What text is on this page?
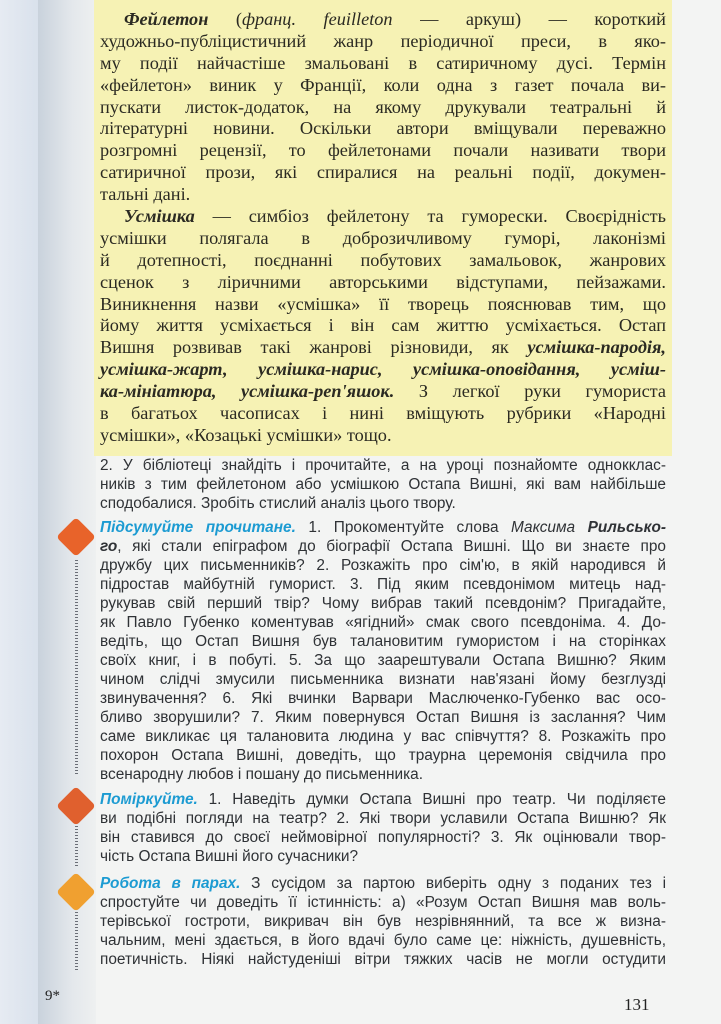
Фейлетон (франц. feuilleton — аркуш) — короткий
художньо-публіцистичний жанр періодичної преси, в яко-
му події найчастіше змальовані в сатиричному дусі. Термін
«фейлетон» виник у Франції, коли одна з газет почала ви-
пускати листок-додаток, на якому друкували театральні й
літературні новини. Оскільки автори вміщували переважно
розгромні рецензії, то фейлетонами почали називати твори
сатиричної прози, які спиралися на реальні події, докумен-
тальні дані.
Усмішка — симбіоз фейлетону та гуморески. Своєрідність
усмішки полягала в доброзичливому гуморі, лаконізмі
й дотепності, поєднанні побутових замальовок, жанрових
сценок з ліричними авторськими відступами, пейзажами.
Виникнення назви «усмішка» її творець пояснював тим, що
йому життя усміхається і він сам життю усміхається. Остап
Вишня розвивав такі жанрові різновиди, як усмішка-пародія,
усмішка-жарт, усмішка-нарис, усмішка-оповідання, усміш-
ка-мініатюра, усмішка-реп'яшок. З легкої руки гумориста
в багатьох часописах і нині вміщують рубрики «Народні
усмішки», «Козацькі усмішки» тощо.
2. У бібліотеці знайдіть і прочитайте, а на уроці познайомте однокклас-
ників з тим фейлетоном або усмішкою Остапа Вишні, які вам найбільше
сподобалися. Зробіть стислий аналіз цього твору.
Підсумуйте прочитане. 1. Прокоментуйте слова Максима Рильсько-
го, які стали епіграфом до біографії Остапа Вишні. Що ви знаєте про
дружбу цих письменників? 2. Розкажіть про сім'ю, в якій народився й
підростав майбутній гуморист. 3. Під яким псевдонімом митець над-
рукував свій перший твір? Чому вибрав такий псевдонім? Пригадайте,
як Павло Губенко коментував «ягідний» смак свого псевдоніма. 4. До-
ведіть, що Остап Вишня був талановитим гумористом і на сторінках
своїх книг, і в побуті. 5. За що заарештували Остапа Вишню? Яким
чином слідчі змусили письменника визнати нав'язані йому безглузді
звинувачення? 6. Які вчинки Варвари Маслюченко-Губенко вас осо-
бливо зворушили? 7. Яким повернувся Остап Вишня із заслання? Чим
саме викликає ця талановита людина у вас співчуття? 8. Розкажіть про
похорон Остапа Вишні, доведіть, що траурна церемонія свідчила про
всенародну любов і пошану до письменника.
Поміркуйте. 1. Наведіть думки Остапа Вишні про театр. Чи поділяєте
ви подібні погляди на театр? 2. Які твори уславили Остапа Вишню? Як
він ставився до своєї неймовірної популярності? 3. Як оцінювали твор-
чість Остапа Вишні його сучасники?
Робота в парах. З сусідом за партою виберіть одну з поданих тез і
спростуйте чи доведіть її істинність: а) «Розум Остап Вишня мав воль-
терівської гостроти, викривач він був незрівнянний, та все ж визна-
чальним, мені здається, в його вдачі було саме це: ніжність, душевність,
поетичність. Ніякі найстуденіші вітри тяжких часів не могли остудити
9*	131
